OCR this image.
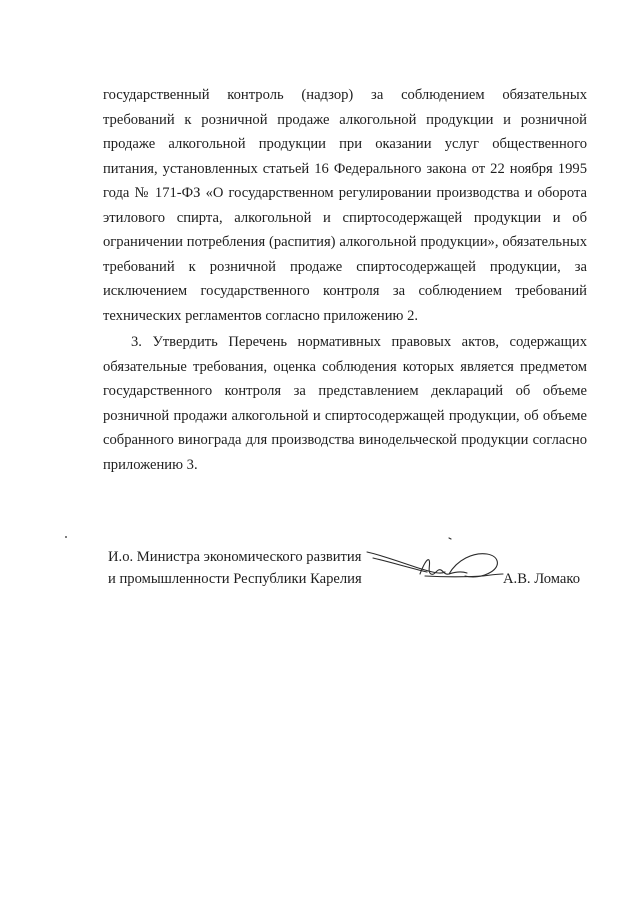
государственный контроль (надзор) за соблюдением обязательных требований к розничной продаже алкогольной продукции и розничной продаже алкогольной продукции при оказании услуг общественного питания, установленных статьей 16 Федерального закона от 22 ноября 1995 года № 171-ФЗ «О государственном регулировании производства и оборота этилового спирта, алкогольной и спиртосодержащей продукции и об ограничении потребления (распития) алкогольной продукции», обязательных требований к розничной продаже спиртосодержащей продукции, за исключением государственного контроля за соблюдением требований технических регламентов согласно приложению 2.

3. Утвердить Перечень нормативных правовых актов, содержащих обязательные требования, оценка соблюдения которых является предметом государственного контроля за представлением деклараций об объеме розничной продажи алкогольной и спиртосодержащей продукции, об объеме собранного винограда для производства винодельческой продукции согласно приложению 3.

И.о. Министра экономического развития
и промышленности Республики Карелия	А.В. Ломако
